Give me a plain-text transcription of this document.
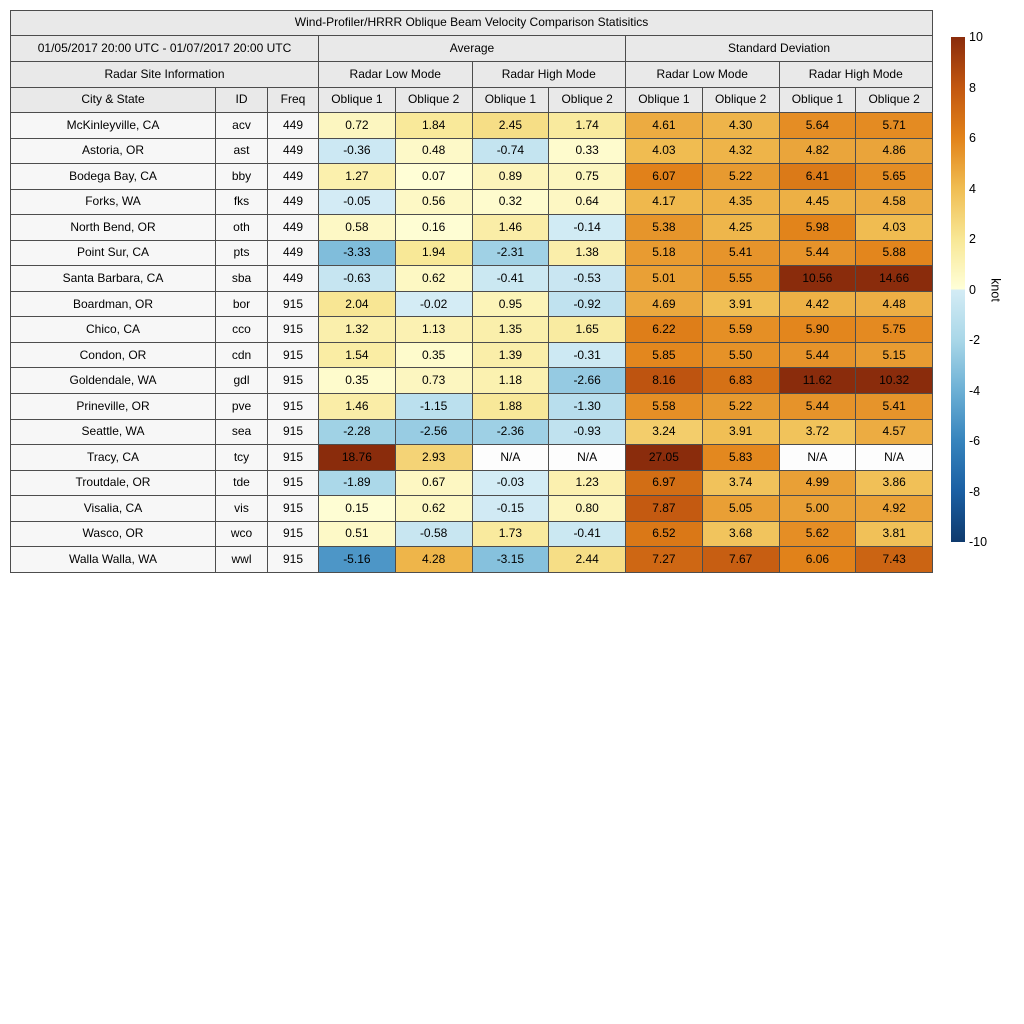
Wind-Profiler/HRRR Oblique Beam Velocity Comparison Statisitics										
01/05/2017 20:00 UTC - 01/07/2017 20:00 UTC			Average				Standard Deviation			
Radar Site Information			Radar Low Mode		Radar High Mode		Radar Low Mode		Radar High Mode	
City & State	ID	Freq	Oblique 1	Oblique 2	Oblique 1	Oblique 2	Oblique 1	Oblique 2	Oblique 1	Oblique 2
McKinleyville, CA	acv	449	0.72	1.84	2.45	1.74	4.61	4.30	5.64	5.71
Astoria, OR	ast	449	-0.36	0.48	-0.74	0.33	4.03	4.32	4.82	4.86
Bodega Bay, CA	bby	449	1.27	0.07	0.89	0.75	6.07	5.22	6.41	5.65
Forks, WA	fks	449	-0.05	0.56	0.32	0.64	4.17	4.35	4.45	4.58
North Bend, OR	oth	449	0.58	0.16	1.46	-0.14	5.38	4.25	5.98	4.03
Point Sur, CA	pts	449	-3.33	1.94	-2.31	1.38	5.18	5.41	5.44	5.88
Santa Barbara, CA	sba	449	-0.63	0.62	-0.41	-0.53	5.01	5.55	10.56	14.66
Boardman, OR	bor	915	2.04	-0.02	0.95	-0.92	4.69	3.91	4.42	4.48
Chico, CA	cco	915	1.32	1.13	1.35	1.65	6.22	5.59	5.90	5.75
Condon, OR	cdn	915	1.54	0.35	1.39	-0.31	5.85	5.50	5.44	5.15
Goldendale, WA	gdl	915	0.35	0.73	1.18	-2.66	8.16	6.83	11.62	10.32
Prineville, OR	pve	915	1.46	-1.15	1.88	-1.30	5.58	5.22	5.44	5.41
Seattle, WA	sea	915	-2.28	-2.56	-2.36	-0.93	3.24	3.91	3.72	4.57
Tracy, CA	tcy	915	18.76	2.93	N/A	N/A	27.05	5.83	N/A	N/A
Troutdale, OR	tde	915	-1.89	0.67	-0.03	1.23	6.97	3.74	4.99	3.86
Visalia, CA	vis	915	0.15	0.62	-0.15	0.80	7.87	5.05	5.00	4.92
Wasco, OR	wco	915	0.51	-0.58	1.73	-0.41	6.52	3.68	5.62	3.81
Walla Walla, WA	wwl	915	-5.16	4.28	-3.15	2.44	7.27	7.67	6.06	7.43
10
8
6
4
2
0
-2
-4
-6
-8
-10
knot
